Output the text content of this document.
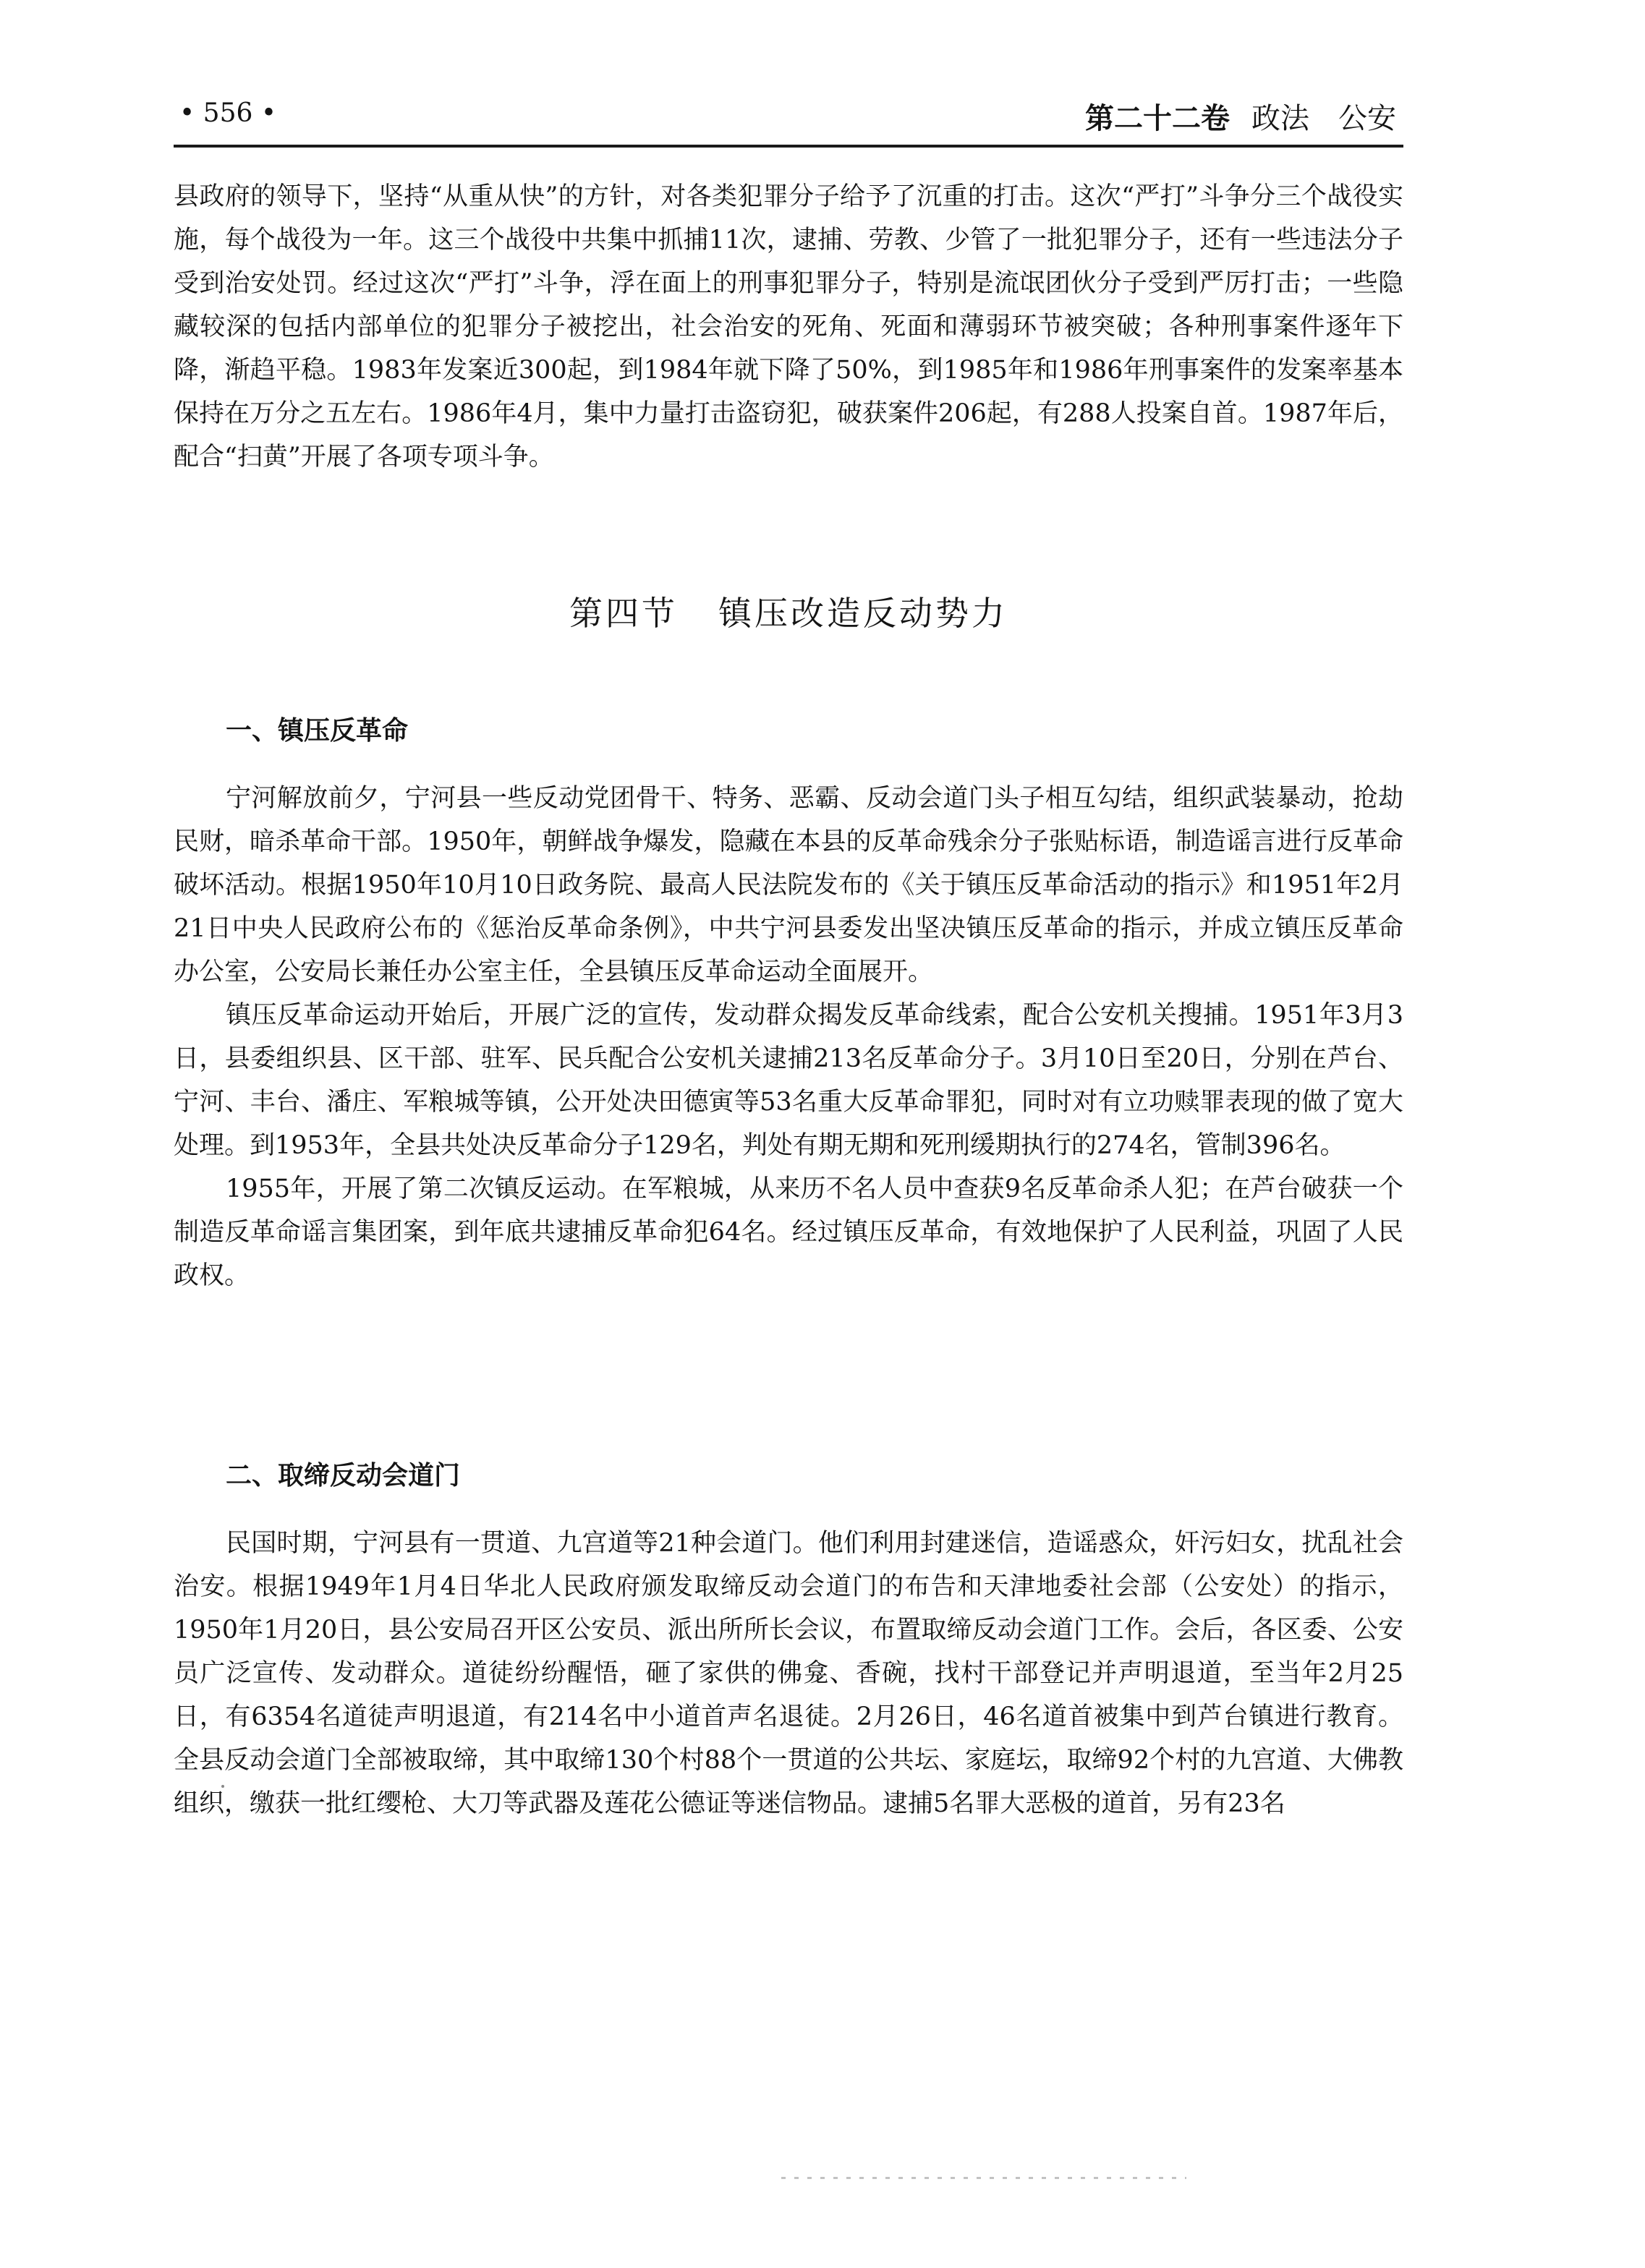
• 556 •	第二十二卷 政法　公安

县政府的领导下，坚持“从重从快”的方针，对各类犯罪分子给予了沉重的打击。这次“严打”斗争分三个战役实施，每个战役为一年。这三个战役中共集中抓捕11次，逮捕、劳教、少管了一批犯罪分子，还有一些违法分子受到治安处罚。经过这次“严打”斗争，浮在面上的刑事犯罪分子，特别是流氓团伙分子受到严厉打击；一些隐藏较深的包括内部单位的犯罪分子被挖出，社会治安的死角、死面和薄弱环节被突破；各种刑事案件逐年下降，渐趋平稳。1983年发案近300起，到1984年就下降了50%，到1985年和1986年刑事案件的发案率基本保持在万分之五左右。1986年4月，集中力量打击盗窃犯，破获案件206起，有288人投案自首。1987年后，配合“扫黄”开展了各项专项斗争。

第四节 镇压改造反动势力
一、镇压反革命

宁河解放前夕，宁河县一些反动党团骨干、特务、恶霸、反动会道门头子相互勾结，组织武装暴动，抢劫民财，暗杀革命干部。1950年，朝鲜战争爆发，隐藏在本县的反革命残余分子张贴标语，制造谣言进行反革命破坏活动。根据1950年10月10日政务院、最高人民法院发布的《关于镇压反革命活动的指示》和1951年2月21日中央人民政府公布的《惩治反革命条例》，中共宁河县委发出坚决镇压反革命的指示，并成立镇压反革命办公室，公安局长兼任办公室主任，全县镇压反革命运动全面展开。

镇压反革命运动开始后，开展广泛的宣传，发动群众揭发反革命线索，配合公安机关搜捕。1951年3月3日，县委组织县、区干部、驻军、民兵配合公安机关逮捕213名反革命分子。3月10日至20日，分别在芦台、宁河、丰台、潘庄、军粮城等镇，公开处决田德寅等53名重大反革命罪犯，同时对有立功赎罪表现的做了宽大处理。到1953年，全县共处决反革命分子129名，判处有期无期和死刑缓期执行的274名，管制396名。

1955年，开展了第二次镇反运动。在军粮城，从来历不名人员中查获9名反革命杀人犯；在芦台破获一个制造反革命谣言集团案，到年底共逮捕反革命犯64名。经过镇压反革命，有效地保护了人民利益，巩固了人民政权。

二、取缔反动会道门

民国时期，宁河县有一贯道、九宫道等21种会道门。他们利用封建迷信，造谣惑众，奸污妇女，扰乱社会治安。根据1949年1月4日华北人民政府颁发取缔反动会道门的布告和天津地委社会部（公安处）的指示，1950年1月20日，县公安局召开区公安员、派出所所长会议，布置取缔反动会道门工作。会后，各区委、公安员广泛宣传、发动群众。道徒纷纷醒悟，砸了家供的佛龛、香碗，找村干部登记并声明退道，至当年2月25日，有6354名道徒声明退道，有214名中小道首声名退徒。2月26日，46名道首被集中到芦台镇进行教育。全县反动会道门全部被取缔，其中取缔130个村88个一贯道的公共坛、家庭坛，取缔92个村的九宫道、大佛教组织，缴获一批红缨枪、大刀等武器及莲花公德证等迷信物品。逮捕5名罪大恶极的道首，另有23名
